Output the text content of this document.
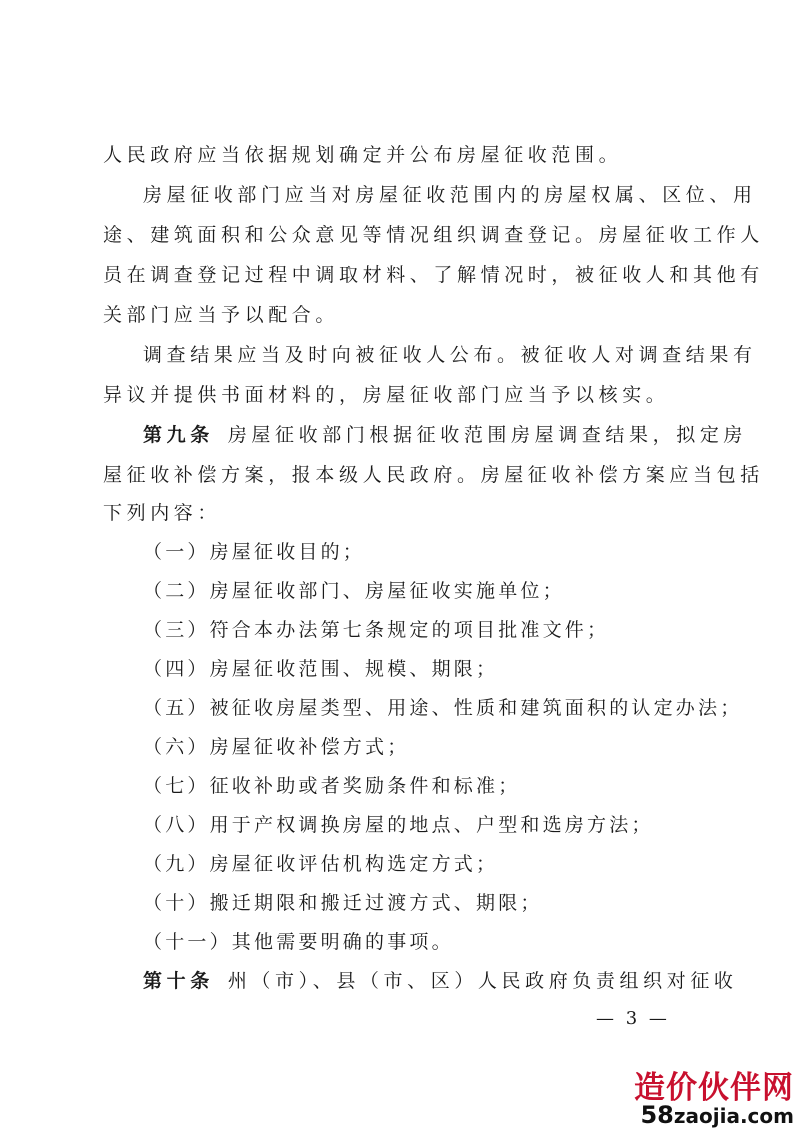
人民政府应当依据规划确定并公布房屋征收范围。
房屋征收部门应当对房屋征收范围内的房屋权属、区位、用
途、建筑面积和公众意见等情况组织调查登记。房屋征收工作人
员在调查登记过程中调取材料、了解情况时，被征收人和其他有
关部门应当予以配合。
调查结果应当及时向被征收人公布。被征收人对调查结果有
异议并提供书面材料的，房屋征收部门应当予以核实。
第九条 房屋征收部门根据征收范围房屋调查结果，拟定房
屋征收补偿方案，报本级人民政府。房屋征收补偿方案应当包括
下列内容：
（一）房屋征收目的；
（二）房屋征收部门、房屋征收实施单位；
（三）符合本办法第七条规定的项目批准文件；
（四）房屋征收范围、规模、期限；
（五）被征收房屋类型、用途、性质和建筑面积的认定办法；
（六）房屋征收补偿方式；
（七）征收补助或者奖励条件和标准；
（八）用于产权调换房屋的地点、户型和选房方法；
（九）房屋征收评估机构选定方式；
（十）搬迁期限和搬迁过渡方式、期限；
（十一）其他需要明确的事项。
第十条 州（市）、县（市、区）人民政府负责组织对征收
— 3 —
造价伙伴网
58zaojia.com
